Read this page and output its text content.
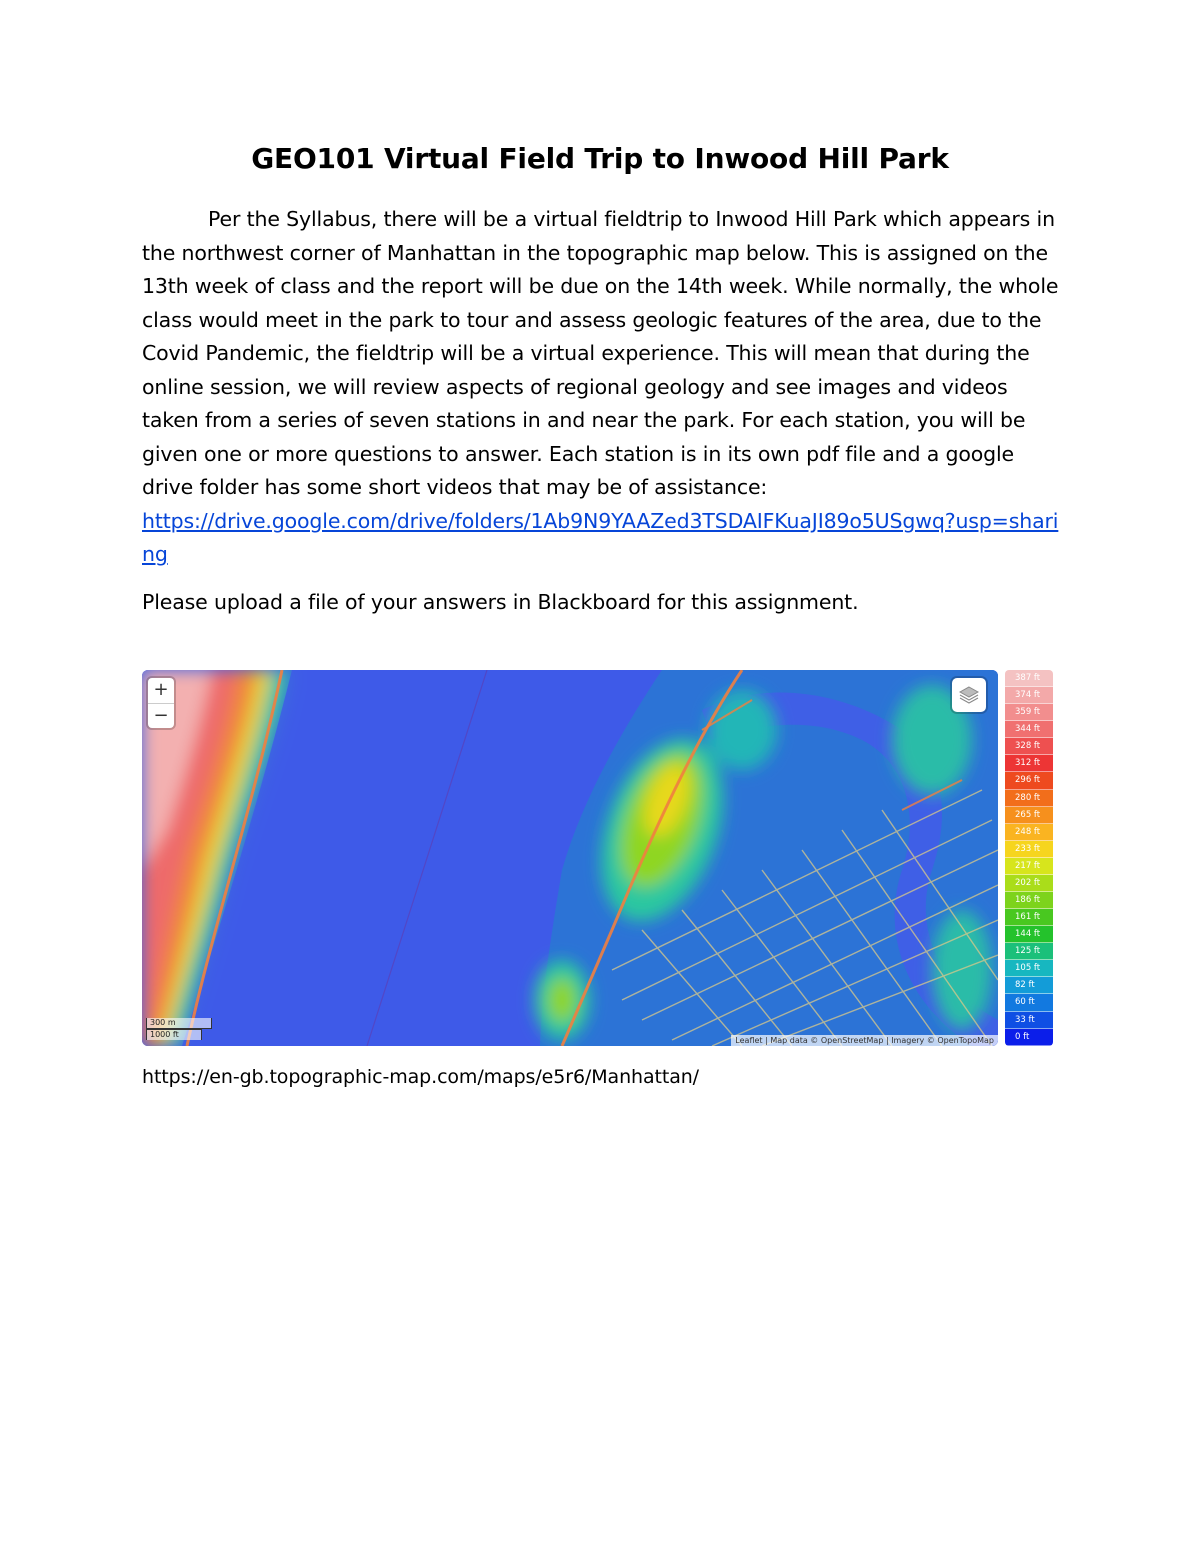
GEO101 Virtual Field Trip to Inwood Hill Park

Per the Syllabus, there will be a virtual fieldtrip to Inwood Hill Park which appears in the northwest corner of Manhattan in the topographic map below. This is assigned on the 13th week of class and the report will be due on the 14th week. While normally, the whole class would meet in the park to tour and assess geologic features of the area, due to the Covid Pandemic, the fieldtrip will be a virtual experience. This will mean that during the online session, we will review aspects of regional geology and see images and videos taken from a series of seven stations in and near the park. For each station, you will be given one or more questions to answer. Each station is in its own pdf file and a google drive folder has some short videos that may be of assistance:
https://drive.google.com/drive/folders/1Ab9N9YAAZed3TSDAIFKuaJI89o5USgwq?usp=sharing

Please upload a file of your answers in Blackboard for this assignment.

+
−
300 m
1000 ft
Leaflet | Map data © OpenStreetMap | Imagery © OpenTopoMap
387 ft
374 ft
359 ft
344 ft
328 ft
312 ft
296 ft
280 ft
265 ft
248 ft
233 ft
217 ft
202 ft
186 ft
161 ft
144 ft
125 ft
105 ft
82 ft
60 ft
33 ft
0 ft
https://en-gb.topographic-map.com/maps/e5r6/Manhattan/
